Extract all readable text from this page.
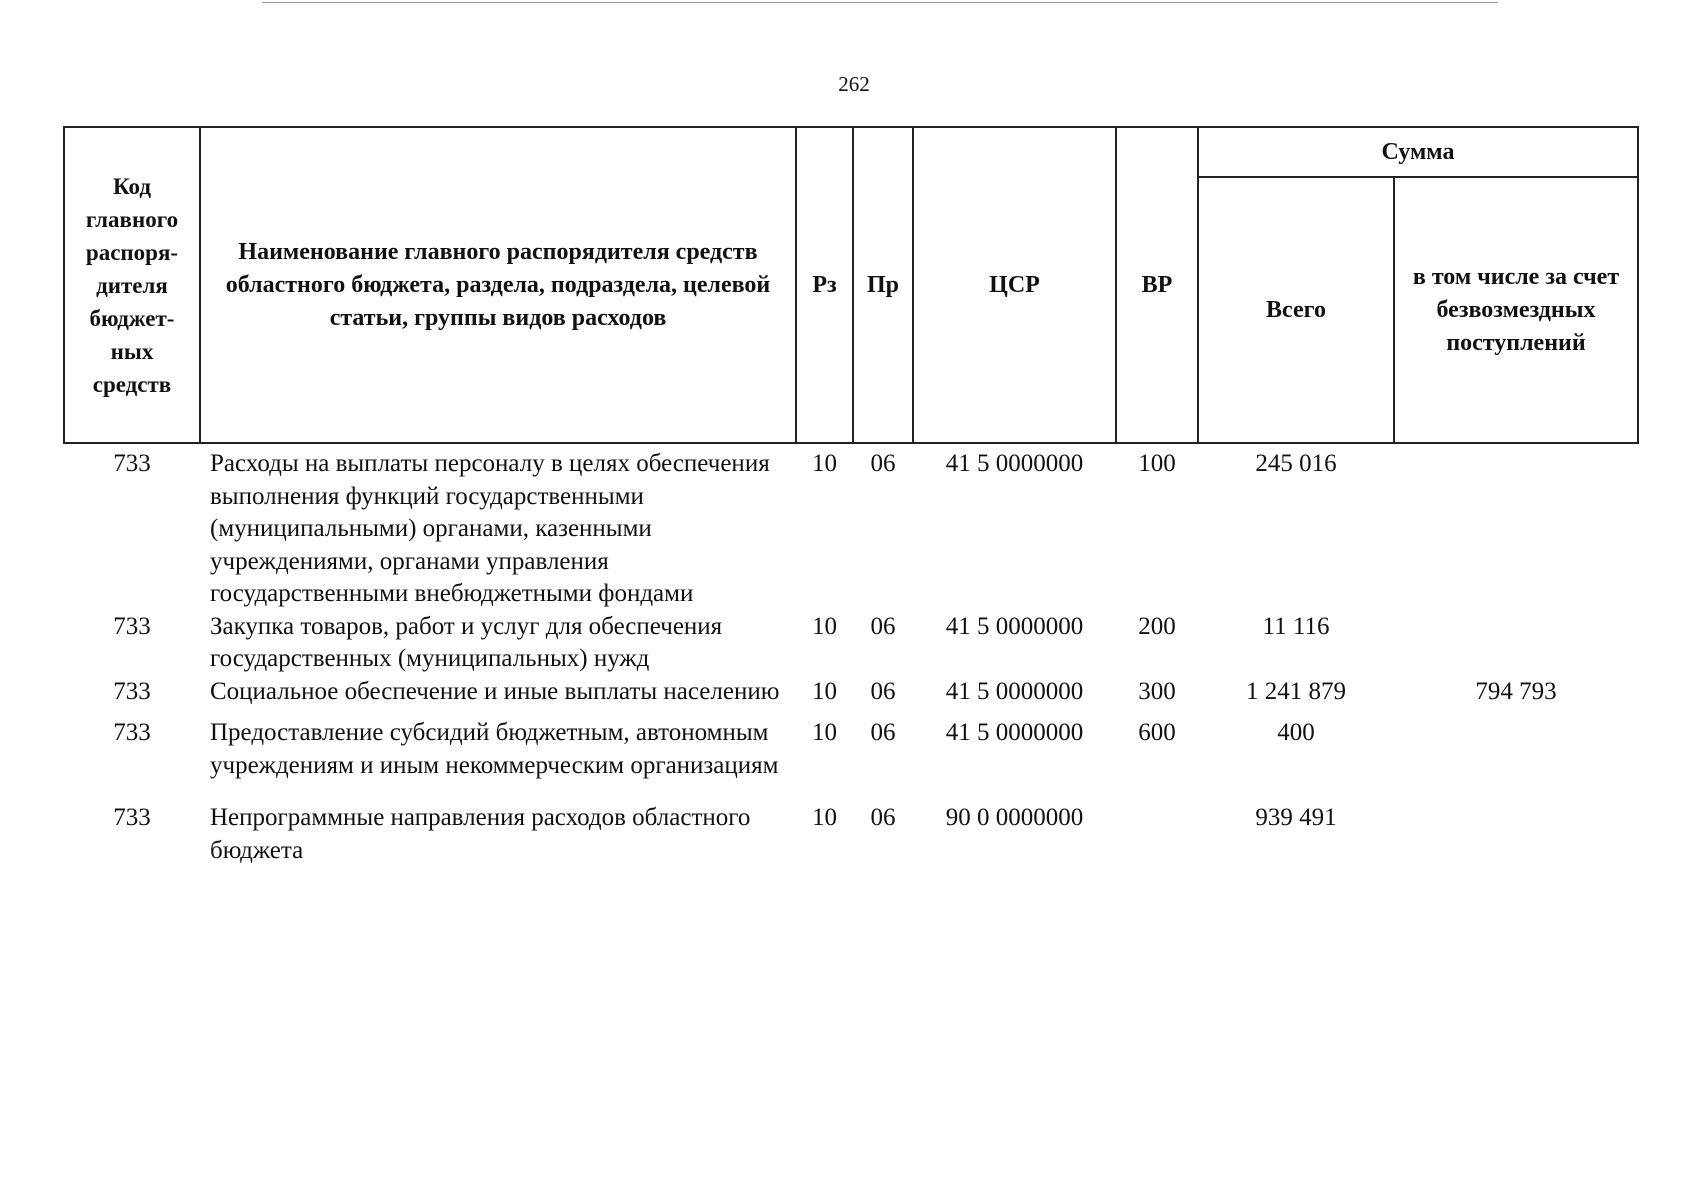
262
Код главного распоря-дителя бюджет-ных средств	Наименование главного распорядителя средств областного бюджета, раздела, подраздела, целевой статьи, группы видов расходов	Рз	Пр	ЦСР	ВР	Сумма	
						Всего	в том числе за счет безвозмездных поступлений
733	Расходы на выплаты персоналу в целях обеспечения выполнения функций государственными (муниципальными) органами, казенными учреждениями, органами управления государственными внебюджетными фондами	10	06	41 5 0000000	100	245 016	
733	Закупка товаров, работ и услуг для обеспечения государственных (муниципальных) нужд	10	06	41 5 0000000	200	11 116	
733	Социальное обеспечение и иные выплаты населению	10	06	41 5 0000000	300	1 241 879	794 793
733	Предоставление субсидий бюджетным, автономным учреждениям и иным некоммерческим организациям	10	06	41 5 0000000	600	400	
733	Непрограммные направления расходов областного бюджета	10	06	90 0 0000000		939 491	
